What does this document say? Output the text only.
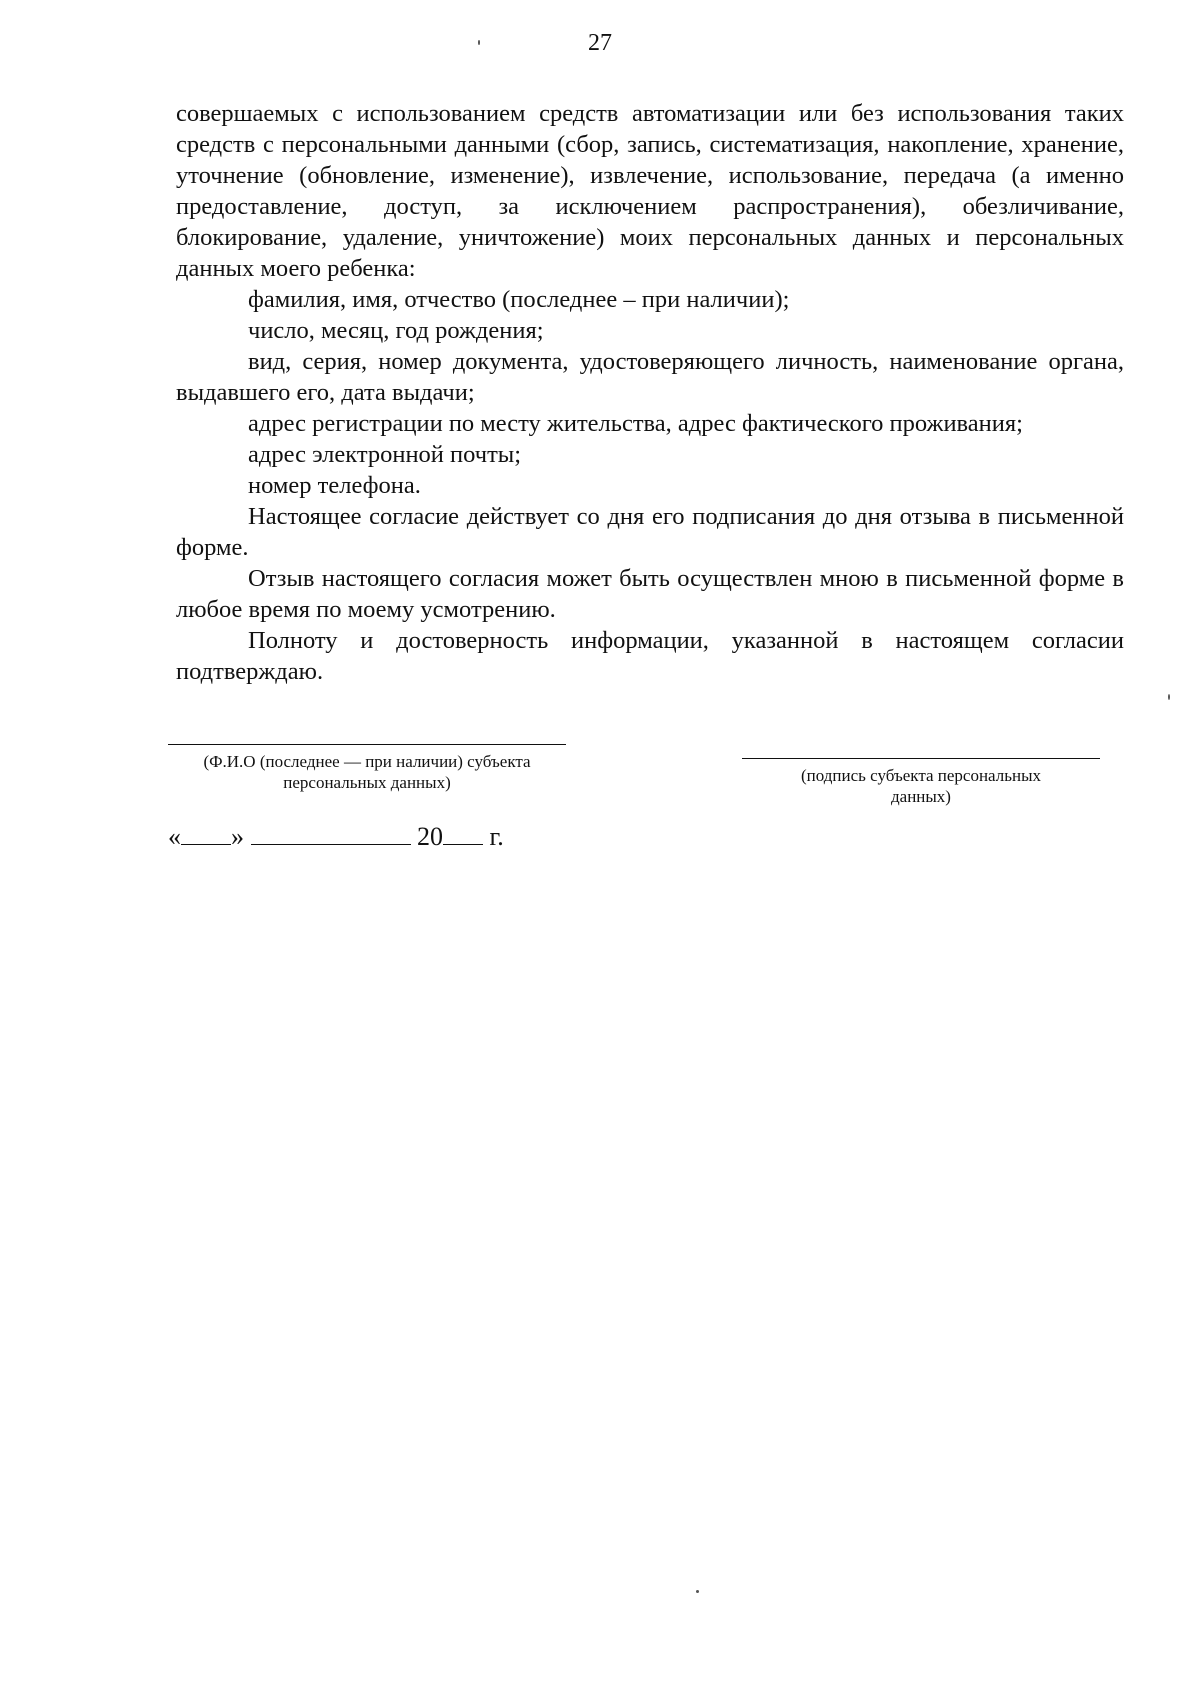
27

совершаемых с использованием средств автоматизации или без использования таких средств с персональными данными (сбор, запись, систематизация, накопление, хранение, уточнение (обновление, изменение), извлечение, использование, передача (а именно предоставление, доступ, за исключением распространения), обезличивание, блокирование, удаление, уничтожение) моих персональных данных и персональных данных моего ребенка:

фамилия, имя, отчество (последнее – при наличии);

число, месяц, год рождения;

вид, серия, номер документа, удостоверяющего личность, наименование органа, выдавшего его, дата выдачи;

адрес регистрации по месту жительства, адрес фактического проживания;

адрес электронной почты;

номер телефона.

Настоящее согласие действует со дня его подписания до дня отзыва в письменной форме.

Отзыв настоящего согласия может быть осуществлен мною в письменной форме в любое время по моему усмотрению.

Полноту и достоверность информации, указанной в настоящем согласии подтверждаю.

(Ф.И.О (последнее — при наличии) субъекта
персональных данных)	(подпись субъекта персональных
данных)
« »	20 г.
